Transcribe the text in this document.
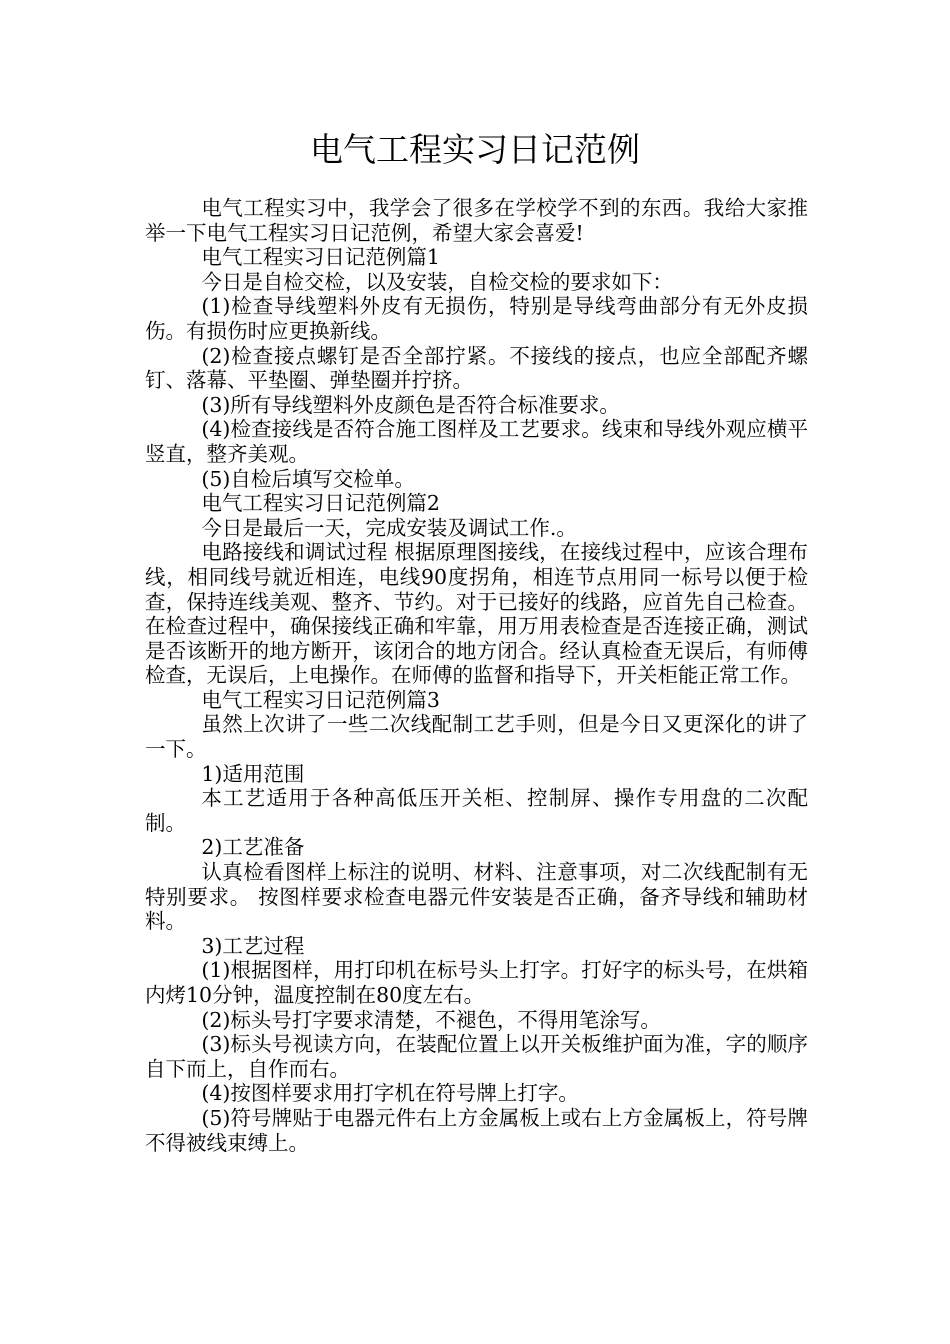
电气工程实习日记范例

电气工程实习中，我学会了很多在学校学不到的东西。我给大家推举一下电气工程实习日记范例，希望大家会喜爱!

电气工程实习日记范例篇1

今日是自检交检，以及安装，自检交检的要求如下：

(1)检查导线塑料外皮有无损伤，特别是导线弯曲部分有无外皮损伤。有损伤时应更换新线。

(2)检查接点螺钉是否全部拧紧。不接线的接点，也应全部配齐螺钉、落幕、平垫圈、弹垫圈并拧挤。

(3)所有导线塑料外皮颜色是否符合标准要求。

(4)检查接线是否符合施工图样及工艺要求。线束和导线外观应横平竖直，整齐美观。

(5)自检后填写交检单。

电气工程实习日记范例篇2

今日是最后一天，完成安装及调试工作.。

电路接线和调试过程 根据原理图接线，在接线过程中，应该合理布线，相同线号就近相连，电线90度拐角，相连节点用同一标号以便于检查，保持连线美观、整齐、节约。对于已接好的线路，应首先自己检查。在检查过程中，确保接线正确和牢靠，用万用表检查是否连接正确，测试是否该断开的地方断开，该闭合的地方闭合。经认真检查无误后，有师傅检查，无误后，上电操作。在师傅的监督和指导下，开关柜能正常工作。

电气工程实习日记范例篇3

虽然上次讲了一些二次线配制工艺手则，但是今日又更深化的讲了一下。

1)适用范围

本工艺适用于各种高低压开关柜、控制屏、操作专用盘的二次配制。

2)工艺准备

认真检看图样上标注的说明、材料、注意事项，对二次线配制有无特别要求。 按图样要求检查电器元件安装是否正确，备齐导线和辅助材料。

3)工艺过程

(1)根据图样，用打印机在标号头上打字。打好字的标头号，在烘箱内烤10分钟，温度控制在80度左右。

(2)标头号打字要求清楚，不褪色，不得用笔涂写。

(3)标头号视读方向，在装配位置上以开关板维护面为准，字的顺序自下而上，自作而右。

(4)按图样要求用打字机在符号牌上打字。

(5)符号牌贴于电器元件右上方金属板上或右上方金属板上，符号牌不得被线束缚上。
